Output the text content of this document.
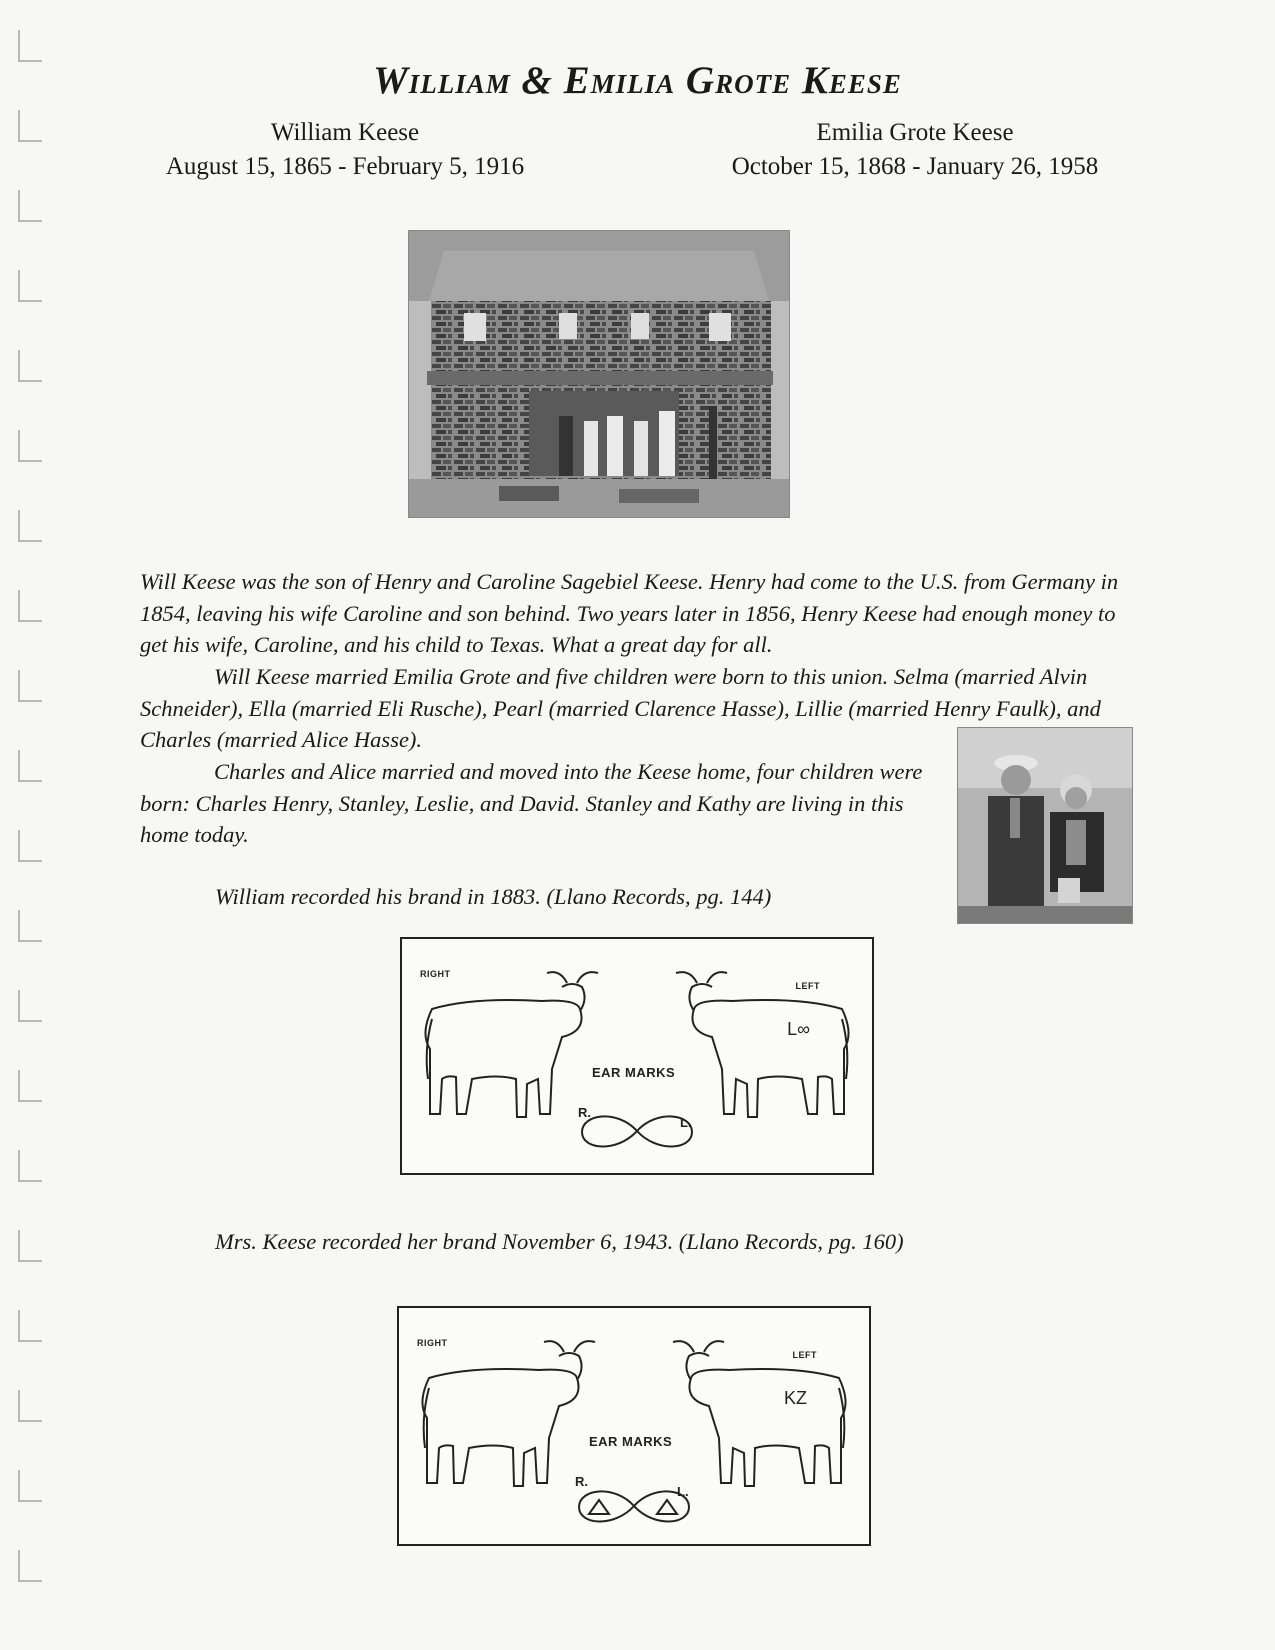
William & Emilia Grote Keese
William Keese
August 15, 1865 - February 5, 1916
Emilia Grote Keese
October 15, 1868 - January 26, 1958
Will Keese was the son of Henry and Caroline Sagebiel Keese. Henry had come to the U.S. from Germany in 1854, leaving his wife Caroline and son behind. Two years later in 1856, Henry Keese had enough money to get his wife, Caroline, and his child to Texas. What a great day for all.
Will Keese married Emilia Grote and five children were born to this union. Selma (married Alvin Schneider), Ella (married Eli Rusche), Pearl (married Clarence Hasse), Lillie (married Henry Faulk), and Charles (married Alice Hasse).
Charles and Alice married and moved into the Keese home, four children were born: Charles Henry, Stanley, Leslie, and David. Stanley and Kathy are living in this home today.
William recorded his brand in 1883. (Llano Records, pg. 144)
RIGHT
LEFT
L∞
EAR MARKS
R.
L.
Mrs. Keese recorded her brand November 6, 1943. (Llano Records, pg. 160)
RIGHT
LEFT
KZ
EAR MARKS
R.
L.
